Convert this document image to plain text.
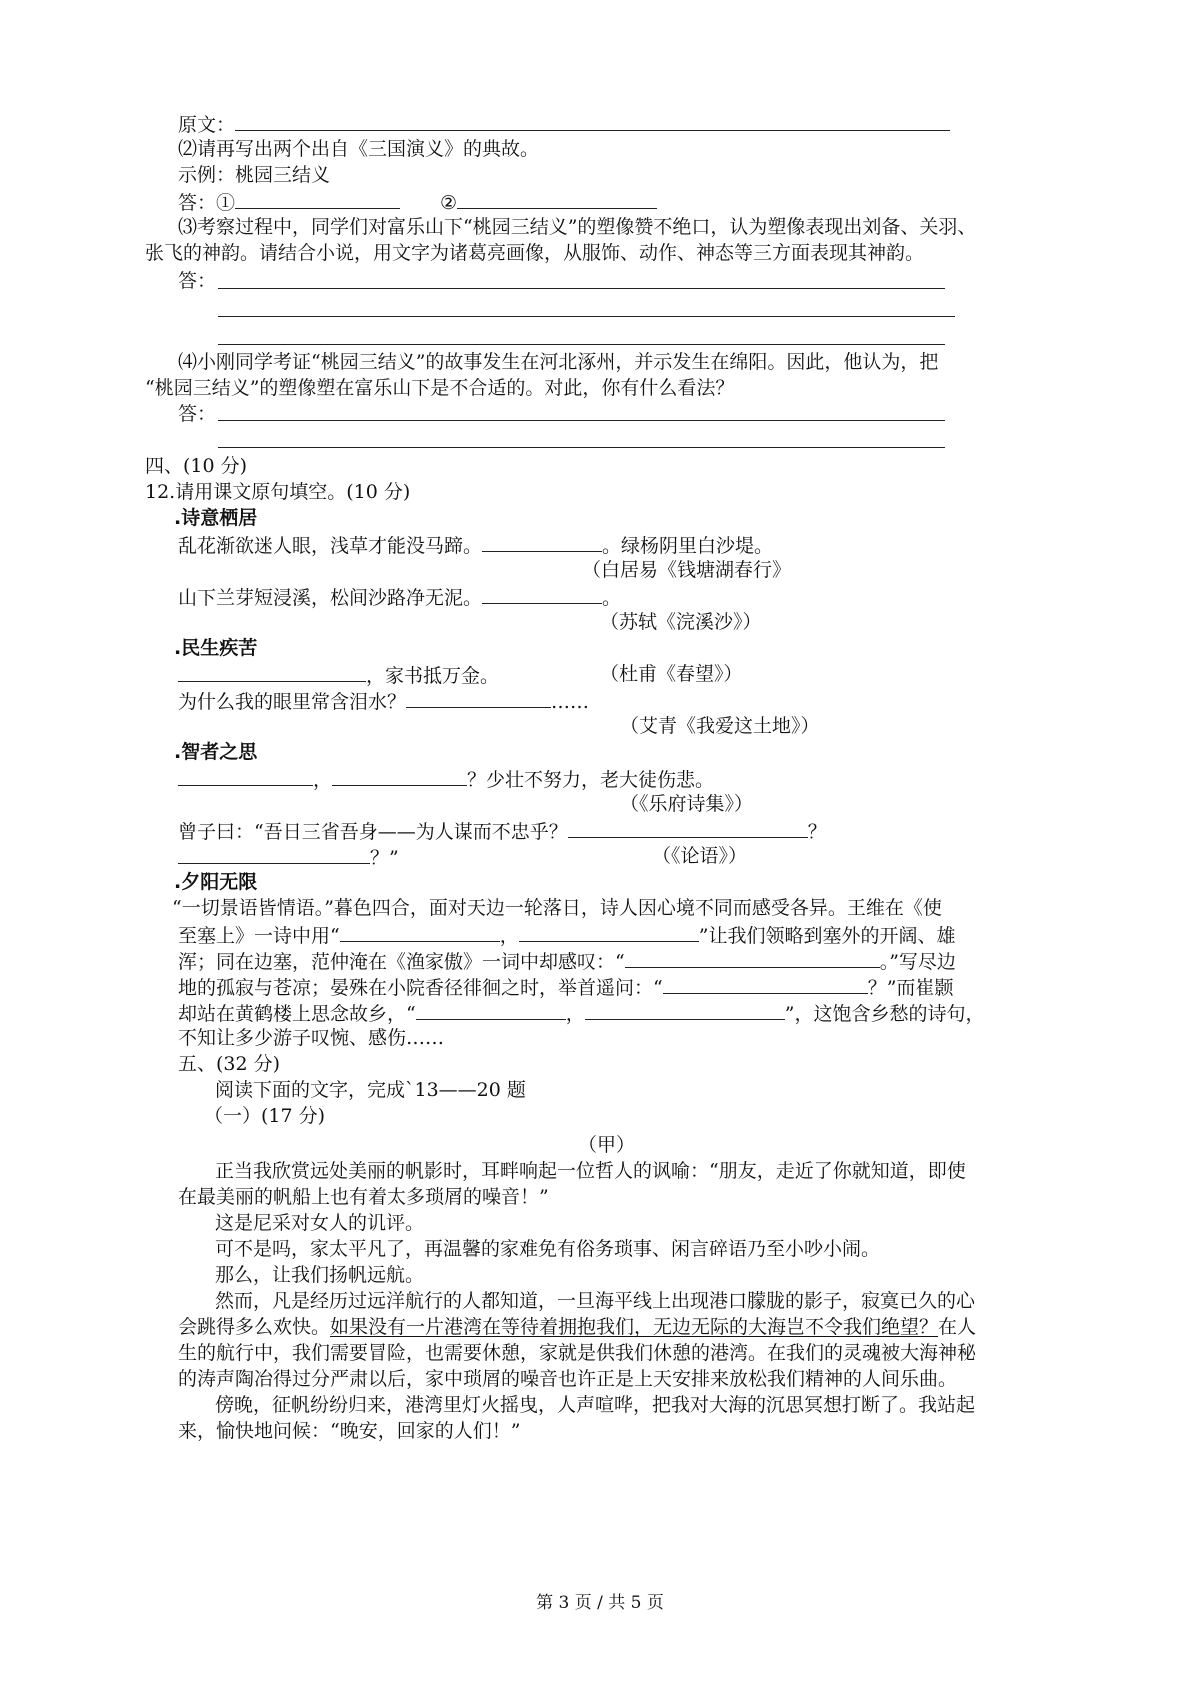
原文：
⑵请再写出两个出自《三国演义》的典故。
示例：桃园三结义
答：①	②
⑶考察过程中，同学们对富乐山下“桃园三结义”的塑像赞不绝口，认为塑像表现出刘备、关羽、
张飞的神韵。请结合小说，用文字为诸葛亮画像，从服饰、动作、神态等三方面表现其神韵。
答：
⑷小刚同学考证“桃园三结义”的故事发生在河北涿州，并示发生在绵阳。因此，他认为，把
“桃园三结义”的塑像塑在富乐山下是不合适的。对此，你有什么看法？
答：
四、(10 分)
12.请用课文原句填空。(10 分)
.诗意栖居
乱花渐欲迷人眼，浅草才能没马蹄。	。绿杨阴里白沙堤。
（白居易《钱塘湖春行》
山下兰芽短浸溪，松间沙路净无泥。	。
（苏轼《浣溪沙》）
.民生疾苦
，家书抵万金。	（杜甫《春望》）
为什么我的眼里常含泪水？	……
（艾青《我爱这土地》）
.智者之思
，	？少壮不努力，老大徒伤悲。
（《乐府诗集》）
曾子曰：“吾日三省吾身——为人谋而不忠乎？	？
？”	（《论语》）
.夕阳无限
“一切景语皆情语。”暮色四合，面对天边一轮落日，诗人因心境不同而感受各异。王维在《使
至塞上》一诗中用“	，	”让我们领略到塞外的开阔、雄
浑；同在边塞，范仲淹在《渔家傲》一词中却感叹：“	。”写尽边
地的孤寂与苍凉；晏殊在小院香径徘徊之时，举首遥问：“	？”而崔颢
却站在黄鹤楼上思念故乡，“	，	”，这饱含乡愁的诗句，
不知让多少游子叹惋、感伤……
五、(32 分)
阅读下面的文字，完成`13——20 题
（一）(17 分)
（甲）
正当我欣赏远处美丽的帆影时，耳畔响起一位哲人的讽喻：“朋友，走近了你就知道，即使
在最美丽的帆船上也有着太多琐屑的噪音！”
这是尼采对女人的讥评。
可不是吗，家太平凡了，再温馨的家难免有俗务琐事、闲言碎语乃至小吵小闹。
那么，让我们扬帆远航。
然而，凡是经历过远洋航行的人都知道，一旦海平线上出现港口朦胧的影子，寂寞已久的心
会跳得多么欢快。如果没有一片港湾在等待着拥抱我们，无边无际的大海岂不令我们绝望？在人
生的航行中，我们需要冒险，也需要休憩，家就是供我们休憩的港湾。在我们的灵魂被大海神秘
的涛声陶冶得过分严肃以后，家中琐屑的噪音也许正是上天安排来放松我们精神的人间乐曲。
傍晚，征帆纷纷归来，港湾里灯火摇曳，人声喧哗，把我对大海的沉思冥想打断了。我站起
来，愉快地问候：“晚安，回家的人们！”
第 3 页 / 共 5 页
